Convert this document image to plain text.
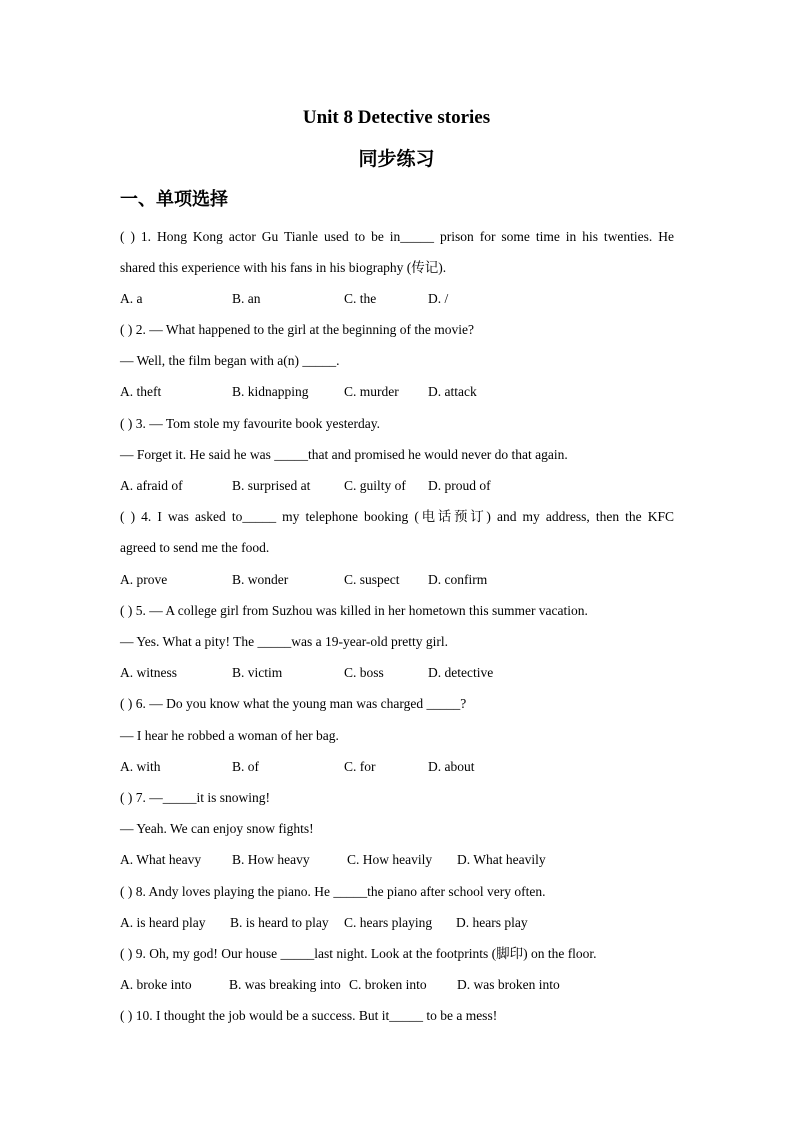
Unit 8 Detective stories
同步练习
一、单项选择
( ) 1. Hong Kong actor Gu Tianle used to be in_____ prison for some time in his twenties. He
shared this experience with his fans in his biography (传记).
A. a	B. an	C. the	D. /
( ) 2. — What happened to the girl at the beginning of the movie?
— Well, the film began with a(n) _____.
A. theft	B. kidnapping	C. murder D. attack
( ) 3. — Tom stole my favourite book yesterday.
— Forget it. He said he was _____that and promised he would never do that again.
A. afraid of	B. surprised at C. guilty of D. proud of
( ) 4. I was asked to_____ my telephone booking (电话预订) and my address, then the KFC
agreed to send me the food.
A. prove	B. wonder	C. suspect D. confirm
( ) 5. — A college girl from Suzhou was killed in her hometown this summer vacation.
— Yes. What a pity! The _____was a 19-year-old pretty girl.
A. witness	B. victim	C. boss	D. detective
( ) 6. — Do you know what the young man was charged _____?
— I hear he robbed a woman of her bag.
A. with	B. of	C. for	D. about
( ) 7. —_____it is snowing!
— Yeah. We can enjoy snow fights!
A. What heavy B. How heavy	C. How heavily D. What heavily
( ) 8. Andy loves playing the piano. He _____the piano after school very often.
A. is heard play B. is heard to play C. hears playing D. hears play
( ) 9. Oh, my god! Our house _____last night. Look at the footprints (脚印) on the floor.
A. broke into	B. was breaking into C. broken into D. was broken into
( ) 10. I thought the job would be a success. But it_____ to be a mess!
